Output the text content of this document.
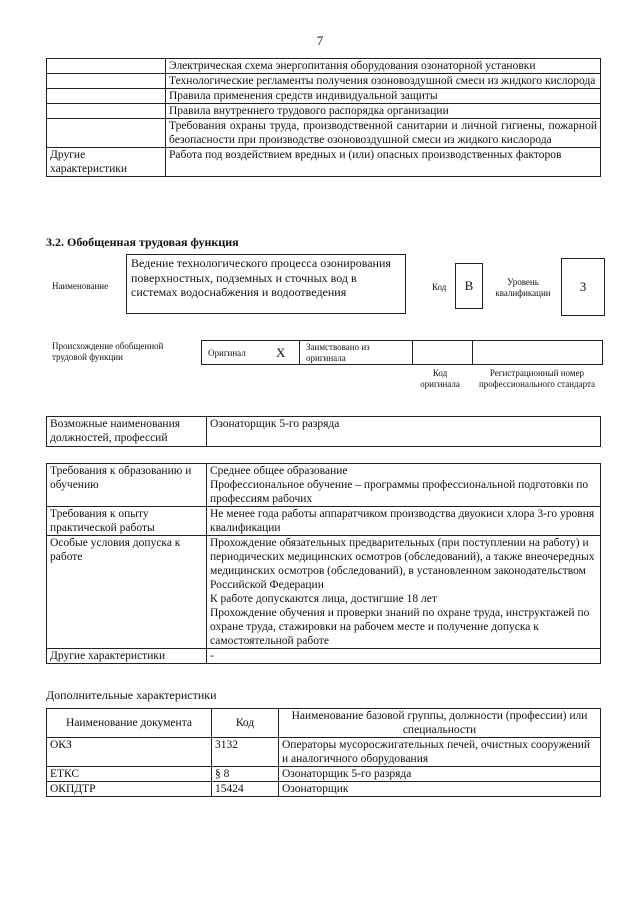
7
	Электрическая схема энергопитания оборудования озонаторной установки
	Технологические регламенты получения озоновоздушной смеси из жидкого кислорода
	Правила применения средств индивидуальной защиты
	Правила внутреннего трудового распорядка организации
	Требования охраны труда, производственной санитарии и личной гигиены, пожарной безопасности при производстве озоновоздушной смеси из жидкого кислорода
Другие характеристики	Работа под воздействием вредных и (или) опасных производственных факторов
3.2. Обобщенная трудовая функция
Наименование
Ведение технологического процесса озонирования поверхностных, подземных и сточных вод в системах водоснабжения и водоотведения	Код	B	Уровень квалификации	3
Происхождение обобщенной трудовой функции	Оригинал X Заимствовано из оригинала
Код оригинала
Регистрационный номер профессионального стандарта
Возможные наименования должностей, профессий	Озонаторщик 5-го разряда
Требования к образованию и обучению	Среднее общее образование
Профессиональное обучение – программы профессиональной подготовки по профессиям рабочих

Требования к опыту практической работы	Не менее года работы аппаратчиком производства двуокиси хлора 3-го уровня квалификации

Особые условия допуска к работе	Прохождение обязательных предварительных (при поступлении на работу) и периодических медицинских осмотров (обследований), а также внеочередных медицинских осмотров (обследований), в установленном законодательством Российской Федерации
К работе допускаются лица, достигшие 18 лет
Прохождение обучения и проверки знаний по охране труда, инструктажей по охране труда, стажировки на рабочем месте и получение допуска к самостоятельной работе

Другие характеристики	-
Дополнительные характеристики
Наименование документа	Код	Наименование базовой группы, должности (профессии) или специальности
ОКЗ	3132	Операторы мусоросжигательных печей, очистных сооружений и аналогичного оборудования
ЕТКС	§ 8	Озонаторщик 5-го разряда
ОКПДТР	15424	Озонаторщик
